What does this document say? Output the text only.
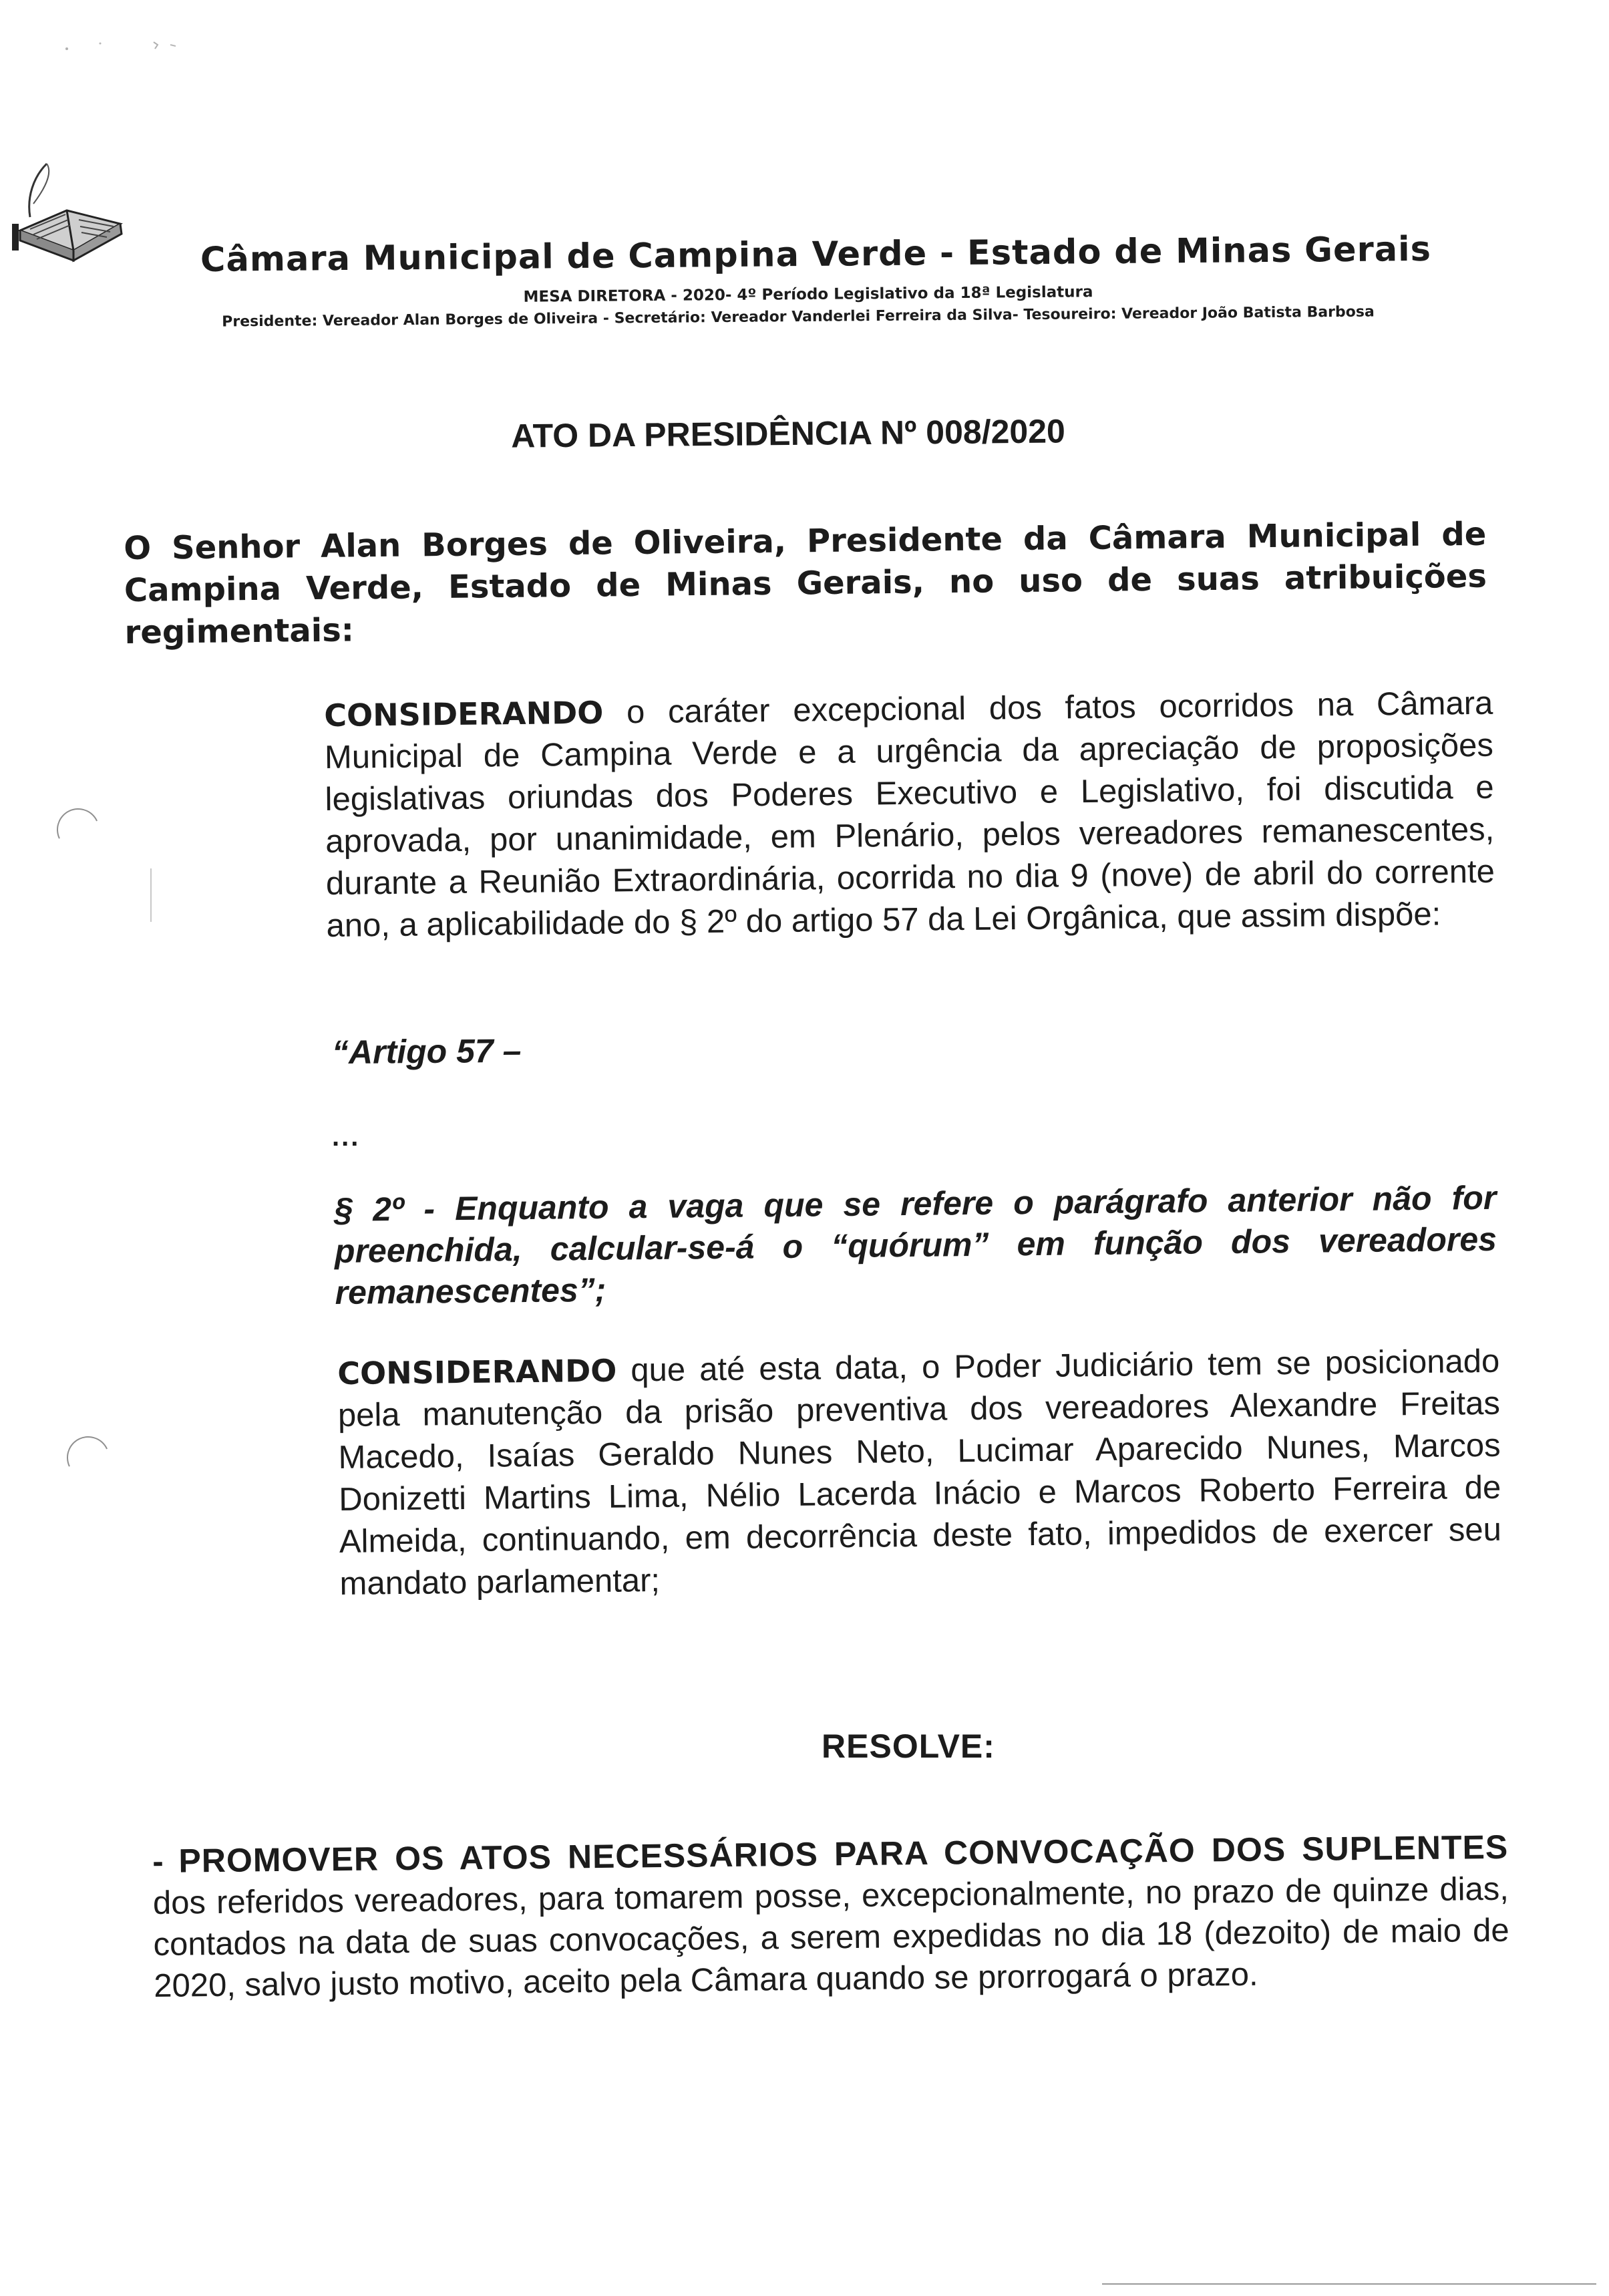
Câmara Municipal de Campina Verde - Estado de Minas Gerais
MESA DIRETORA - 2020- 4º Período Legislativo da 18ª Legislatura
Presidente: Vereador Alan Borges de Oliveira - Secretário: Vereador Vanderlei Ferreira da Silva- Tesoureiro: Vereador João Batista Barbosa
ATO DA PRESIDÊNCIA Nº 008/2020
O Senhor Alan Borges de Oliveira, Presidente da Câmara Municipal de Campina Verde, Estado de Minas Gerais, no uso de suas atribuições regimentais:
CONSIDERANDO o caráter excepcional dos fatos ocorridos na Câmara Municipal de Campina Verde e a urgência da apreciação de proposições legislativas oriundas dos Poderes Executivo e Legislativo, foi discutida e aprovada, por unanimidade, em Plenário, pelos vereadores remanescentes, durante a Reunião Extraordinária, ocorrida no dia 9 (nove) de abril do corrente ano, a aplicabilidade do § 2º do artigo 57 da Lei Orgânica, que assim dispõe:
“Artigo 57 –
...
§ 2º - Enquanto a vaga que se refere o parágrafo anterior não for preenchida, calcular-se-á o “quórum” em função dos vereadores remanescentes”;
CONSIDERANDO que até esta data, o Poder Judiciário tem se posicionado pela manutenção da prisão preventiva dos vereadores Alexandre Freitas Macedo, Isaías Geraldo Nunes Neto, Lucimar Aparecido Nunes, Marcos Donizetti Martins Lima, Nélio Lacerda Inácio e Marcos Roberto Ferreira de Almeida, continuando, em decorrência deste fato, impedidos de exercer seu mandato parlamentar;
RESOLVE:
- PROMOVER OS ATOS NECESSÁRIOS PARA CONVOCAÇÃO DOS SUPLENTES dos referidos vereadores, para tomarem posse, excepcionalmente, no prazo de quinze dias, contados na data de suas convocações, a serem expedidas no dia 18 (dezoito) de maio de 2020, salvo justo motivo, aceito pela Câmara quando se prorrogará o prazo.
